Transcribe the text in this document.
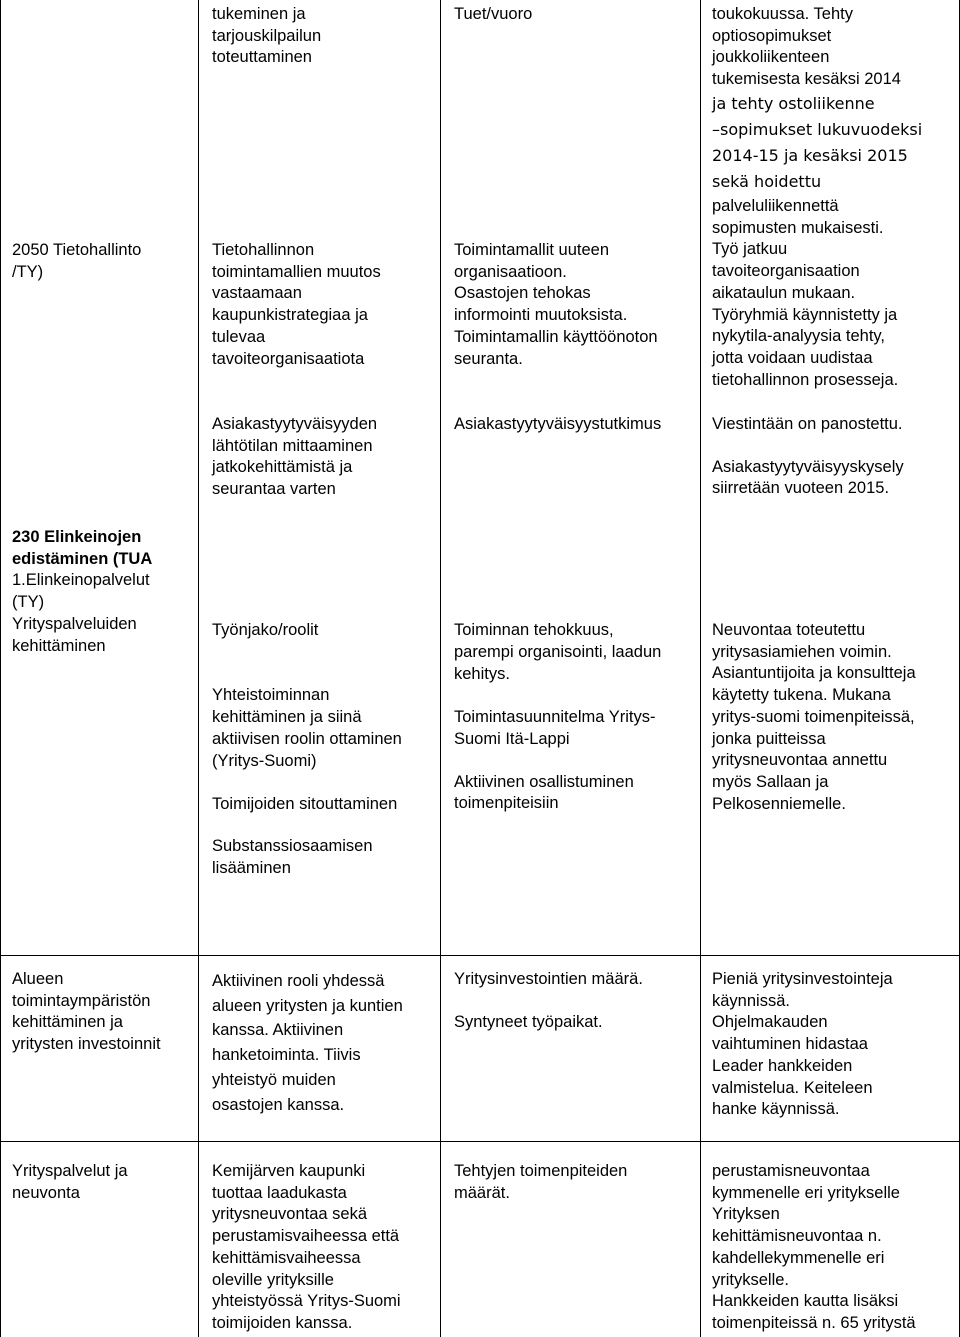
2050 Tietohallinto

/TY)

tukeminen ja

tarjouskilpailun

toteuttaminen

Tietohallinnon

toimintamallien muutos

vastaamaan

kaupunkistrategiaa ja

tulevaa

tavoiteorganisaatiota

Tuet/vuoro

Toimintamallit uuteen

organisaatioon.

Osastojen tehokas

informointi muutoksista.

Toimintamallin käyttöönoton

seuranta.

toukokuussa. Tehty

optiosopimukset

joukkoliikenteen

tukemisesta kesäksi 2014

ja tehty ostoliikenne

–sopimukset lukuvuodeksi

2014-15 ja kesäksi 2015

sekä hoidettu

palveluliikennettä

sopimusten mukaisesti.

Työ jatkuu

tavoiteorganisaation

aikataulun mukaan.

Työryhmiä käynnistetty ja

nykytila-analyysia tehty,

jotta voidaan uudistaa

tietohallinnon prosesseja.

Asiakastyytyväisyyden

lähtötilan mittaaminen

jatkokehittämistä ja

seurantaa varten

Asiakastyytyväisyystutkimus	Viestintään on panostettu.

Asiakastyytyväisyyskysely

siirretään vuoteen 2015.

230 Elinkeinojen

edistäminen (TUA

1.Elinkeinopalvelut

(TY)

Yrityspalveluiden

kehittäminen

Työnjako/roolit

Yhteistoiminnan

kehittäminen ja siinä

aktiivisen roolin ottaminen

(Yritys-Suomi)

Toimijoiden sitouttaminen

Substanssiosaamisen

lisääminen

Toiminnan tehokkuus,

parempi organisointi, laadun

kehitys.

Toimintasuunnitelma Yritys-

Suomi Itä-Lappi

Aktiivinen osallistuminen

toimenpiteisiin

Neuvontaa toteutettu

yritysasiamiehen voimin.

Asiantuntijoita ja konsultteja

käytetty tukena. Mukana

yritys-suomi toimenpiteissä,

jonka puitteissa

yritysneuvontaa annettu

myös Sallaan ja

Pelkosenniemelle.

Alueen

toimintaympäristön

kehittäminen ja

yritysten investoinnit

Aktiivinen rooli yhdessä

alueen yritysten ja kuntien

kanssa. Aktiivinen

hanketoiminta. Tiivis

yhteistyö muiden

osastojen kanssa.

Yritysinvestointien määrä.

Syntyneet työpaikat.

Pieniä yritysinvestointeja

käynnissä.

Ohjelmakauden

vaihtuminen hidastaa

Leader hankkeiden

valmistelua. Keiteleen

hanke käynnissä.

Yrityspalvelut ja

neuvonta

Kemijärven kaupunki

tuottaa laadukasta

yritysneuvontaa sekä

perustamisvaiheessa että

kehittämisvaiheessa

oleville yrityksille

yhteistyössä Yritys-Suomi

toimijoiden kanssa.

Tehtyjen toimenpiteiden

määrät.

perustamisneuvontaa

kymmenelle eri yritykselle

Yrityksen

kehittämisneuvontaa n.

kahdellekymmenelle eri

yritykselle.

Hankkeiden kautta lisäksi

toimenpiteissä n. 65 yritystä
